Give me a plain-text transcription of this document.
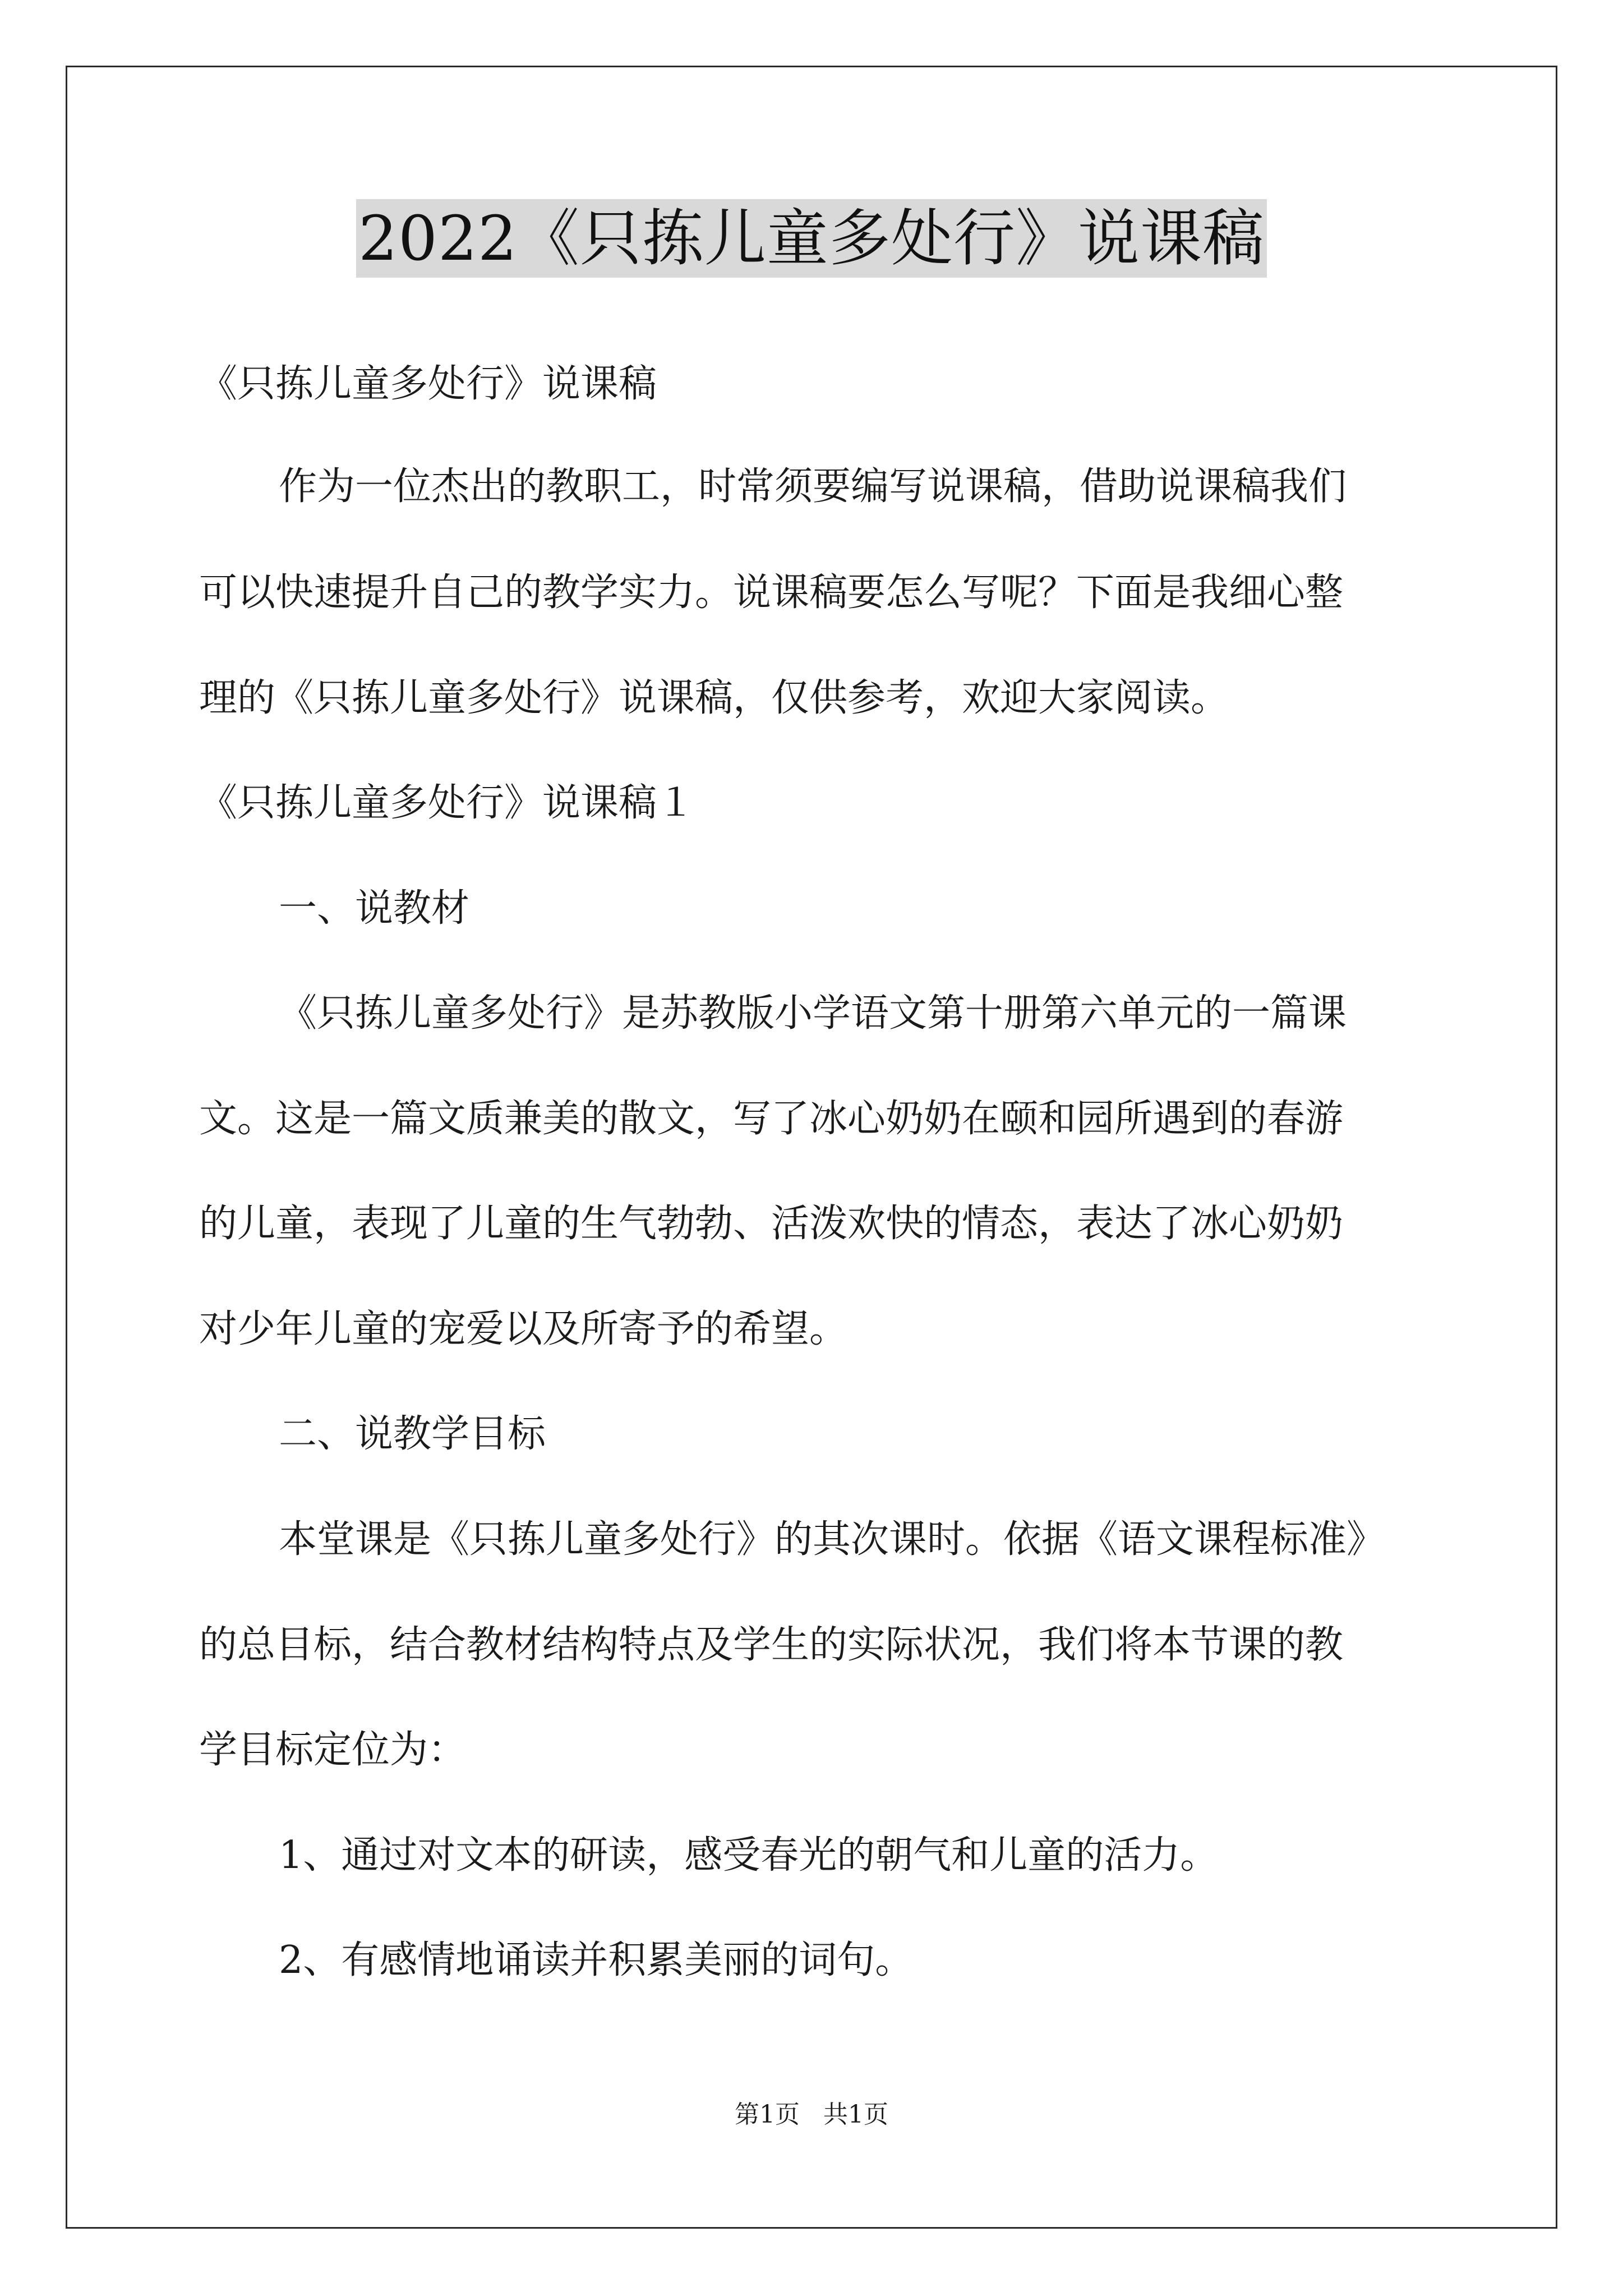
2022《只拣儿童多处行》说课稿
《只拣儿童多处行》说课稿
作为一位杰出的教职工，时常须要编写说课稿，借助说课稿我们
可以快速提升自己的教学实力。说课稿要怎么写呢？下面是我细心整
理的《只拣儿童多处行》说课稿，仅供参考，欢迎大家阅读。
《只拣儿童多处行》说课稿１
一、说教材
《只拣儿童多处行》是苏教版小学语文第十册第六单元的一篇课
文。这是一篇文质兼美的散文，写了冰心奶奶在颐和园所遇到的春游
的儿童，表现了儿童的生气勃勃、活泼欢快的情态，表达了冰心奶奶
对少年儿童的宠爱以及所寄予的希望。
二、说教学目标
本堂课是《只拣儿童多处行》的其次课时。依据《语文课程标准》
的总目标，结合教材结构特点及学生的实际状况，我们将本节课的教
学目标定位为：
1、通过对文本的研读，感受春光的朝气和儿童的活力。
2、有感情地诵读并积累美丽的词句。
第1页 共1页
